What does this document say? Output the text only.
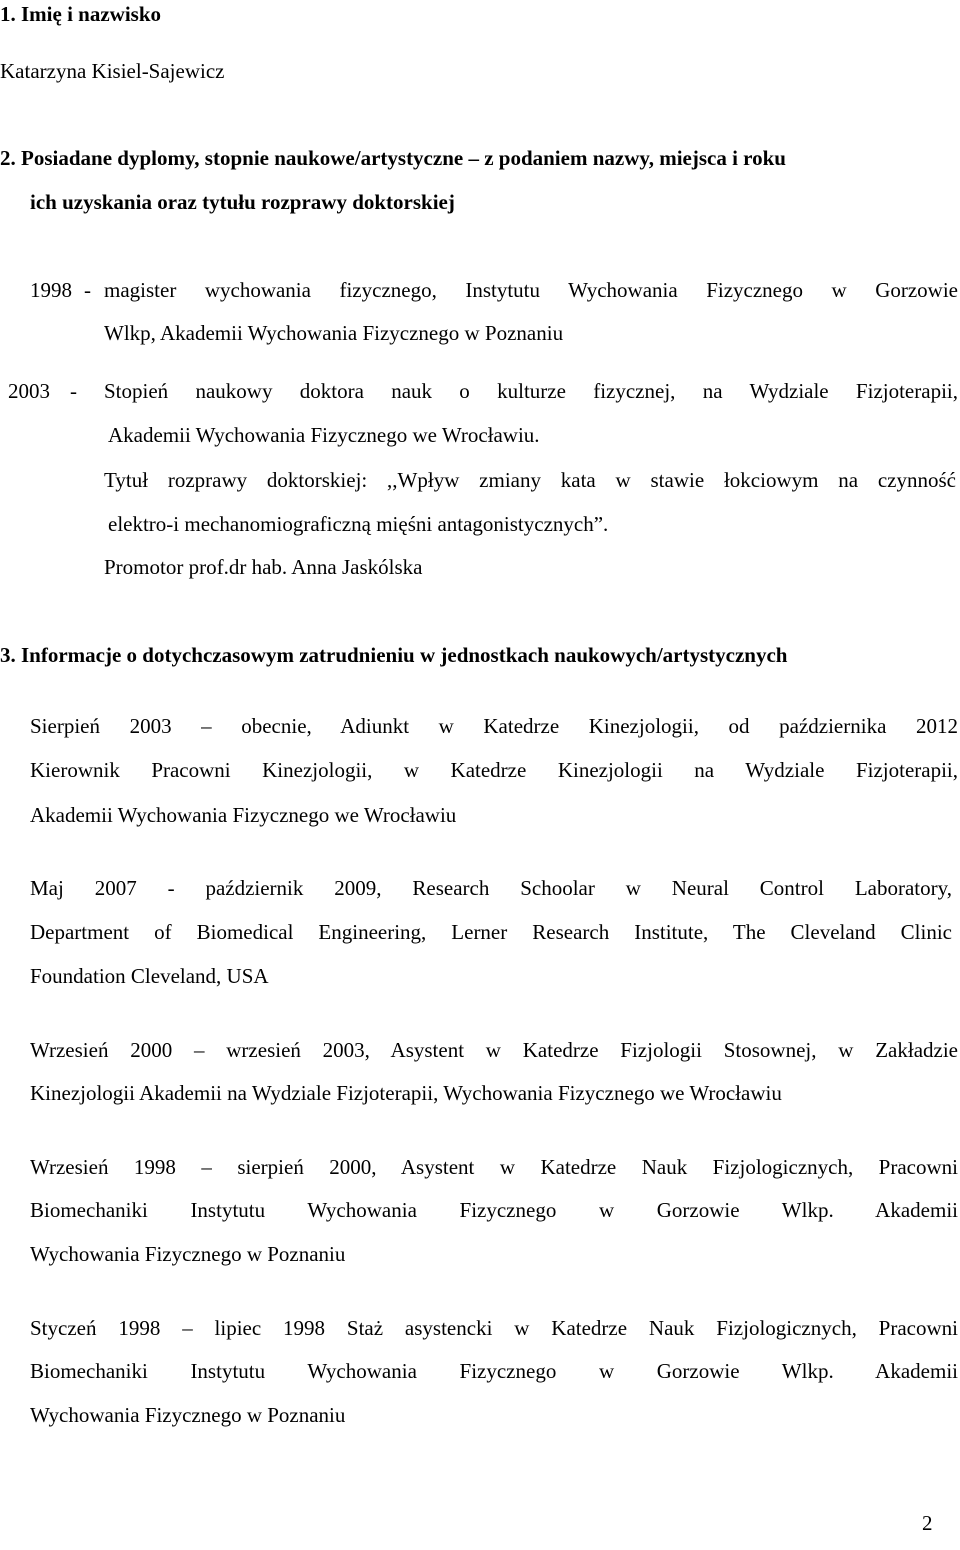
1. Imię i nazwisko
Katarzyna Kisiel-Sajewicz
2. Posiadane dyplomy, stopnie naukowe/artystyczne – z podaniem nazwy, miejsca i roku
ich uzyskania oraz tytułu rozprawy doktorskiej
1998 - magister wychowania fizycznego, Instytutu Wychowania Fizycznego w Gorzowie
Wlkp, Akademii Wychowania Fizycznego w Poznaniu
2003 - Stopień naukowy doktora nauk o kulturze fizycznej, na Wydziale Fizjoterapii,
Akademii Wychowania Fizycznego we Wrocławiu.
Tytuł rozprawy doktorskiej: ,,Wpływ zmiany kata w stawie łokciowym na czynność
elektro-i mechanomiograficzną mięśni antagonistycznych”.
Promotor prof.dr hab. Anna Jaskólska
3. Informacje o dotychczasowym zatrudnieniu w jednostkach naukowych/artystycznych
Sierpień 2003 – obecnie, Adiunkt w Katedrze Kinezjologii, od października 2012
Kierownik Pracowni Kinezjologii, w Katedrze Kinezjologii na Wydziale Fizjoterapii,
Akademii Wychowania Fizycznego we Wrocławiu
Maj 2007 - październik 2009, Research Schoolar w Neural Control Laboratory,
Department of Biomedical Engineering, Lerner Research Institute, The Cleveland Clinic
Foundation Cleveland, USA
Wrzesień 2000 – wrzesień 2003, Asystent w Katedrze Fizjologii Stosownej, w Zakładzie
Kinezjologii Akademii na Wydziale Fizjoterapii, Wychowania Fizycznego we Wrocławiu
Wrzesień 1998 – sierpień 2000, Asystent w Katedrze Nauk Fizjologicznych, Pracowni
Biomechaniki Instytutu Wychowania Fizycznego w Gorzowie Wlkp. Akademii
Wychowania Fizycznego w Poznaniu
Styczeń 1998 – lipiec 1998 Staż asystencki w Katedrze Nauk Fizjologicznych, Pracowni
Biomechaniki Instytutu Wychowania Fizycznego w Gorzowie Wlkp. Akademii
Wychowania Fizycznego w Poznaniu
2
